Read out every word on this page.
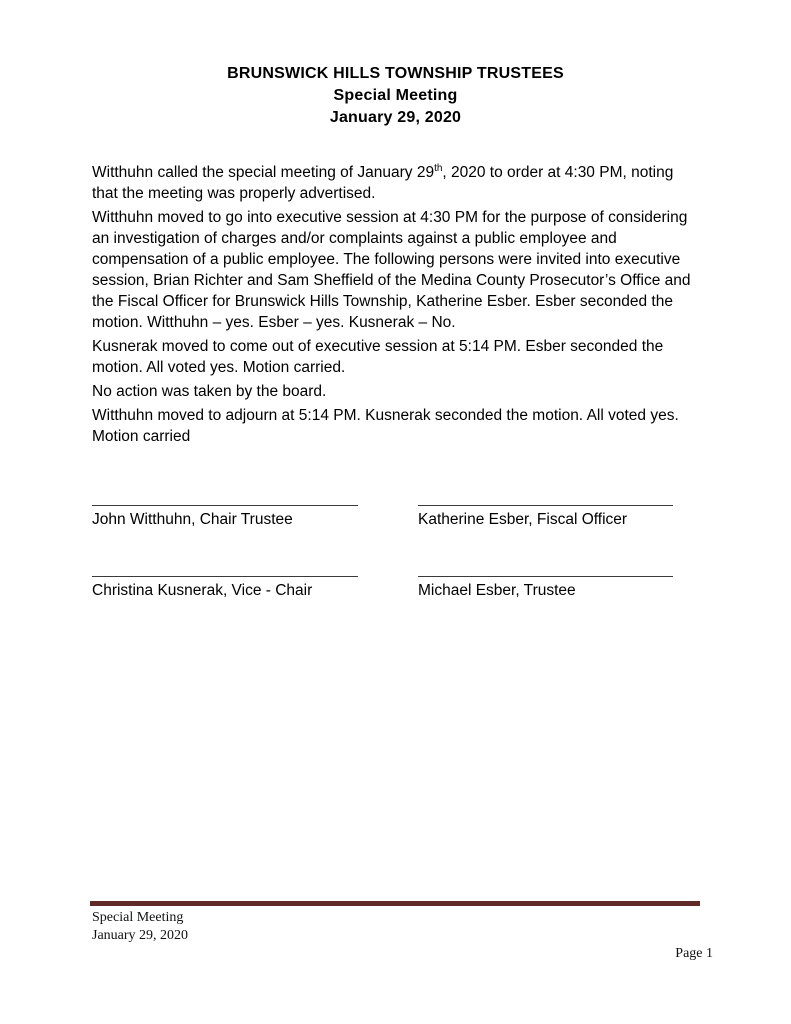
BRUNSWICK HILLS TOWNSHIP TRUSTEES
Special Meeting
January 29, 2020

Witthuhn called the special meeting of January 29th, 2020 to order at 4:30 PM, noting that the meeting was properly advertised.

Witthuhn moved to go into executive session at 4:30 PM for the purpose of considering an investigation of charges and/or complaints against a public employee and compensation of a public employee. The following persons were invited into executive session, Brian Richter and Sam Sheffield of the Medina County Prosecutor’s Office and the Fiscal Officer for Brunswick Hills Township, Katherine Esber. Esber seconded the motion. Witthuhn – yes. Esber – yes. Kusnerak – No.

Kusnerak moved to come out of executive session at 5:14 PM. Esber seconded the motion. All voted yes. Motion carried.

No action was taken by the board.

Witthuhn moved to adjourn at 5:14 PM. Kusnerak seconded the motion. All voted yes. Motion carried

John Witthuhn, Chair Trustee	Katherine Esber, Fiscal Officer
Christina Kusnerak, Vice - Chair	Michael Esber, Trustee
Special Meeting
January 29, 2020
Page 1
